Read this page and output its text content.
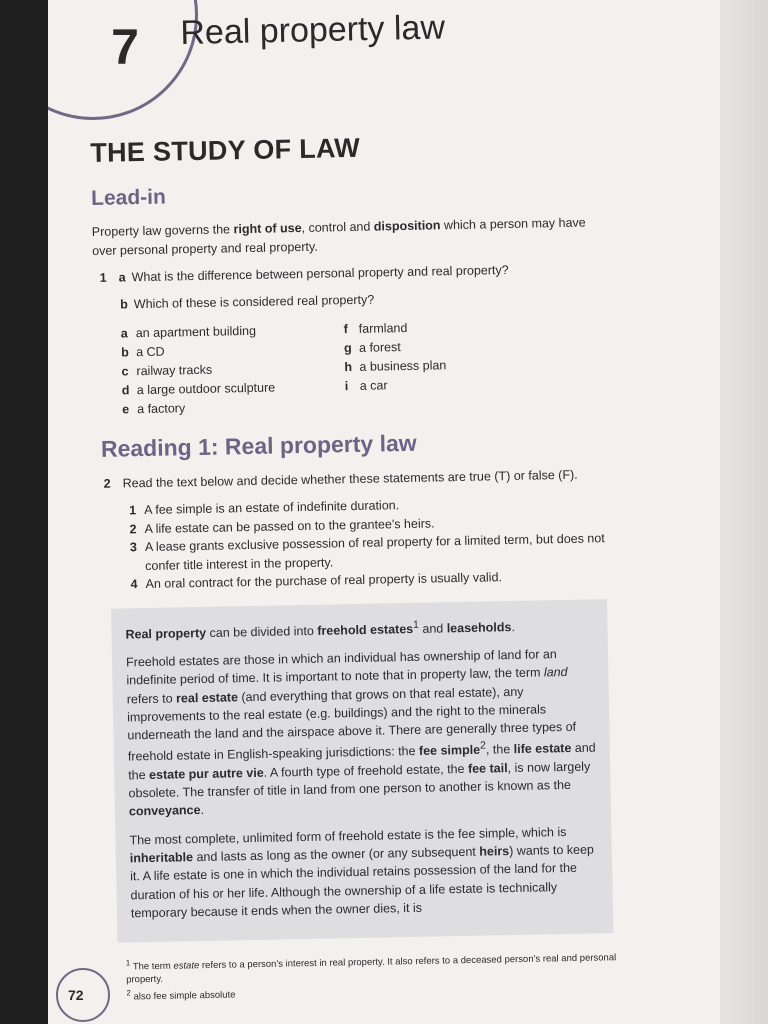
7	Real property law
THE STUDY OF LAW
Lead-in
Property law governs the right of use, control and disposition which a person may have over personal property and real property.
1 a What is the difference between personal property and real property?
b Which of these is considered real property?
a an apartment building
b a CD
c railway tracks
d a large outdoor sculpture
e a factory
f farmland
g a forest
h a business plan
i a car
Reading 1: Real property law
2 Read the text below and decide whether these statements are true (T) or false (F).
1 A fee simple is an estate of indefinite duration.
2 A life estate can be passed on to the grantee's heirs.
3 A lease grants exclusive possession of real property for a limited term, but does not confer title interest in the property.
4 An oral contract for the purchase of real property is usually valid.

Real property can be divided into freehold estates$^1$ and leaseholds.

Freehold estates are those in which an individual has ownership of land for an indefinite period of time. It is important to note that in property law, the term land refers to real estate (and everything that grows on that real estate), any improvements to the real estate (e.g. buildings) and the right to the minerals underneath the land and the airspace above it. There are generally three types of freehold estate in English-speaking jurisdictions: the fee simple$^2$, the life estate and the estate pur autre vie. A fourth type of freehold estate, the fee tail, is now largely obsolete. The transfer of title in land from one person to another is known as the conveyance.

The most complete, unlimited form of freehold estate is the fee simple, which is inheritable and lasts as long as the owner (or any subsequent heirs) wants to keep it. A life estate is one in which the individual retains possession of the land for the duration of his or her life. Although the ownership of a life estate is technically temporary because it ends when the owner dies, it is

$^1$ The term estate refers to a person's interest in real property. It also refers to a deceased person's real and personal property.
$^2$ also fee simple absolute
72
